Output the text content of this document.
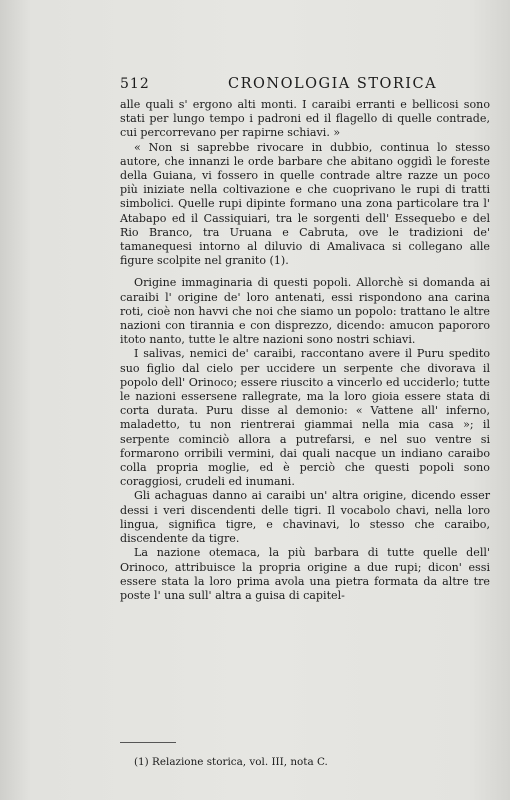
512	CRONOLOGIA STORICA

alle quali s' ergono alti monti. I caraibi erranti e bellicosi sono stati per lungo tempo i padroni ed il flagello di quelle contrade, cui percorrevano per rapirne schiavi. »

« Non si saprebbe rivocare in dubbio, continua lo stesso autore, che innanzi le orde barbare che abitano oggidì le foreste della Guiana, vi fossero in quelle contrade altre razze un poco più iniziate nella coltivazione e che cuoprivano le rupi di tratti simbolici. Quelle rupi dipinte formano una zona particolare tra l' Atabapo ed il Cassiquiari, tra le sorgenti dell' Essequebo e del Rio Branco, tra Uruana e Cabruta, ove le tradizioni de' tamanequesi intorno al diluvio di Amalivaca si collegano alle figure scolpite nel granito (1).

Origine immaginaria di questi popoli. Allorchè si domanda ai caraibi l' origine de' loro antenati, essi rispondono ana carina roti, cioè non havvi che noi che siamo un popolo: trattano le altre nazioni con tirannia e con disprezzo, dicendo: amucon papororo itoto nanto, tutte le altre nazioni sono nostri schiavi.

I salivas, nemici de' caraibi, raccontano avere il Puru spedito suo figlio dal cielo per uccidere un serpente che divorava il popolo dell' Orinoco; essere riuscito a vincerlo ed ucciderlo; tutte le nazioni essersene rallegrate, ma la loro gioia essere stata di corta durata. Puru disse al demonio: « Vattene all' inferno, maladetto, tu non rientrerai giammai nella mia casa »; il serpente cominciò allora a putrefarsi, e nel suo ventre si formarono orribili vermini, dai quali nacque un indiano caraibo colla propria moglie, ed è perciò che questi popoli sono coraggiosi, crudeli ed inumani.

Gli achaguas danno ai caraibi un' altra origine, dicendo esser dessi i veri discendenti delle tigri. Il vocabolo chavi, nella loro lingua, significa tigre, e chavinavi, lo stesso che caraibo, discendente da tigre.

La nazione otemaca, la più barbara di tutte quelle dell' Orinoco, attribuisce la propria origine a due rupi; dicon' essi essere stata la loro prima avola una pietra formata da altre tre poste l' una sull' altra a guisa di capitel-

(1) Relazione storica, vol. III, nota C.
